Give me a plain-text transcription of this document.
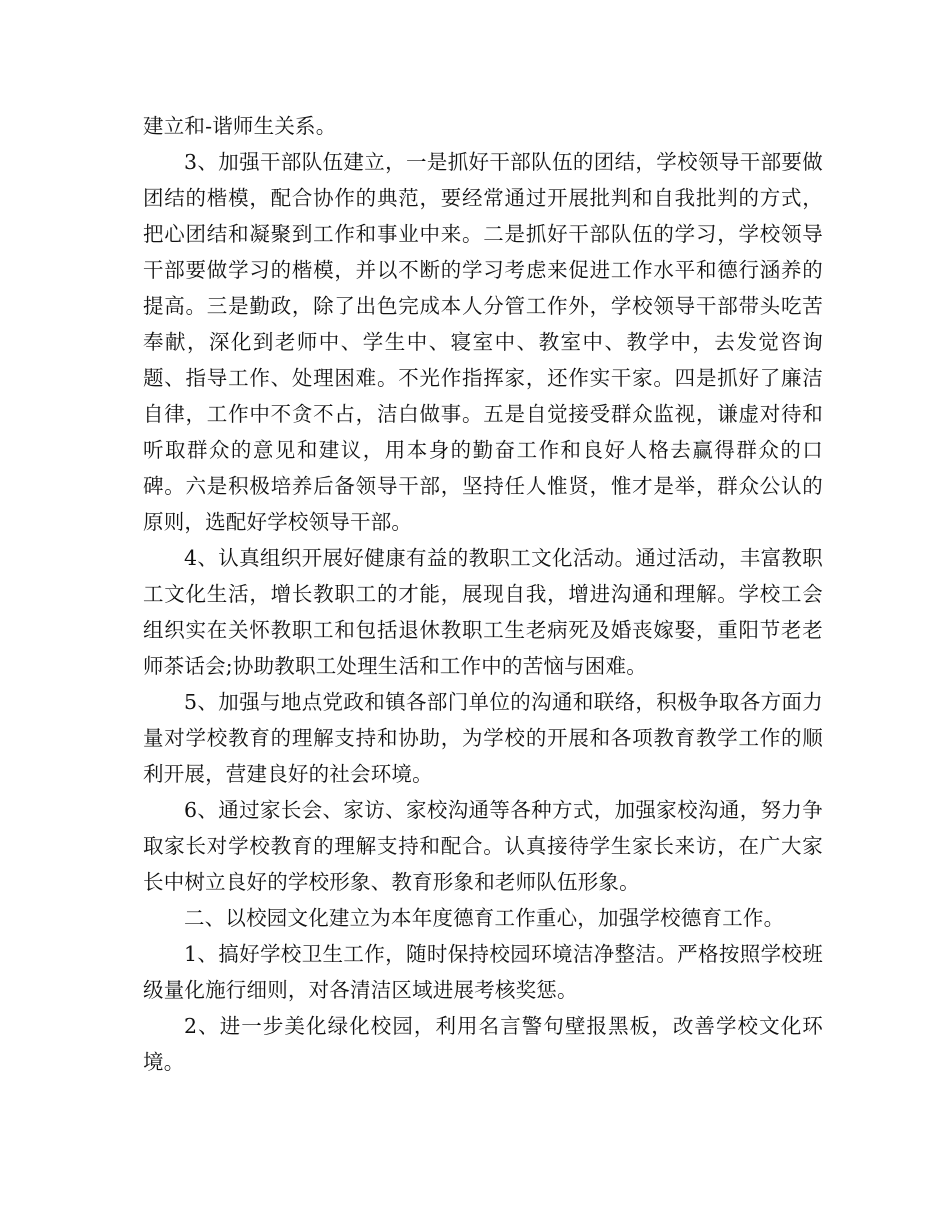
建立和-谐师生关系。

3、加强干部队伍建立，一是抓好干部队伍的团结，学校领导干部要做团结的楷模，配合协作的典范，要经常通过开展批判和自我批判的方式，把心团结和凝聚到工作和事业中来。二是抓好干部队伍的学习，学校领导干部要做学习的楷模，并以不断的学习考虑来促进工作水平和德行涵养的提高。三是勤政，除了出色完成本人分管工作外，学校领导干部带头吃苦奉献，深化到老师中、学生中、寝室中、教室中、教学中，去发觉咨询题、指导工作、处理困难。不光作指挥家，还作实干家。四是抓好了廉洁自律，工作中不贪不占，洁白做事。五是自觉接受群众监视，谦虚对待和听取群众的意见和建议，用本身的勤奋工作和良好人格去赢得群众的口碑。六是积极培养后备领导干部，坚持任人惟贤，惟才是举，群众公认的原则，选配好学校领导干部。

4、认真组织开展好健康有益的教职工文化活动。通过活动，丰富教职工文化生活，增长教职工的才能，展现自我，增进沟通和理解。学校工会组织实在关怀教职工和包括退休教职工生老病死及婚丧嫁娶，重阳节老老师茶话会;协助教职工处理生活和工作中的苦恼与困难。

5、加强与地点党政和镇各部门单位的沟通和联络，积极争取各方面力量对学校教育的理解支持和协助，为学校的开展和各项教育教学工作的顺利开展，营建良好的社会环境。

6、通过家长会、家访、家校沟通等各种方式，加强家校沟通，努力争取家长对学校教育的理解支持和配合。认真接待学生家长来访，在广大家长中树立良好的学校形象、教育形象和老师队伍形象。

二、以校园文化建立为本年度德育工作重心，加强学校德育工作。

1、搞好学校卫生工作，随时保持校园环境洁净整洁。严格按照学校班级量化施行细则，对各清洁区域进展考核奖惩。

2、进一步美化绿化校园，利用名言警句壁报黑板，改善学校文化环境。
